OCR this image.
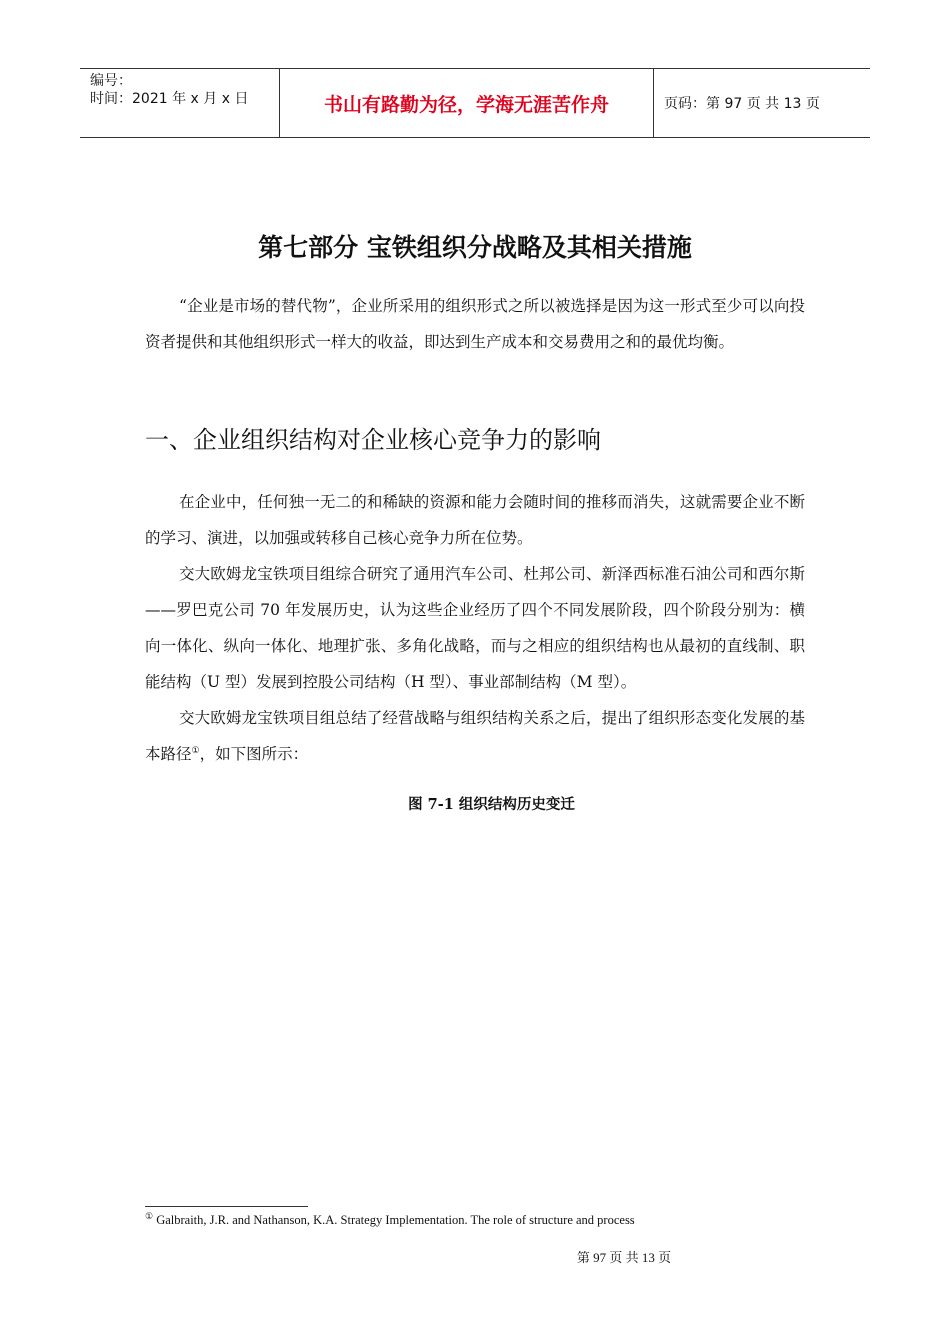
编号：
时间：2021 年 x 月 x 日	书山有路勤为径，学海无涯苦作舟	页码：第 97 页 共 13 页
第七部分 宝铁组织分战略及其相关措施

“企业是市场的替代物”，企业所采用的组织形式之所以被选择是因为这一形式至少可以向投资者提供和其他组织形式一样大的收益，即达到生产成本和交易费用之和的最优均衡。

一、企业组织结构对企业核心竞争力的影响

在企业中，任何独一无二的和稀缺的资源和能力会随时间的推移而消失，这就需要企业不断的学习、演进，以加强或转移自己核心竞争力所在位势。

交大欧姆龙宝铁项目组综合研究了通用汽车公司、杜邦公司、新泽西标准石油公司和西尔斯——罗巴克公司 70 年发展历史，认为这些企业经历了四个不同发展阶段，四个阶段分别为：横向一体化、纵向一体化、地理扩张、多角化战略，而与之相应的组织结构也从最初的直线制、职能结构（U 型）发展到控股公司结构（H 型）、事业部制结构（M 型）。

交大欧姆龙宝铁项目组总结了经营战略与组织结构关系之后，提出了组织形态变化发展的基本路径①，如下图所示：

图 7-1 组织结构历史变迁
① Galbraith, J.R. and Nathanson, K.A. Strategy Implementation. The role of structure and process
第 97 页 共 13 页
